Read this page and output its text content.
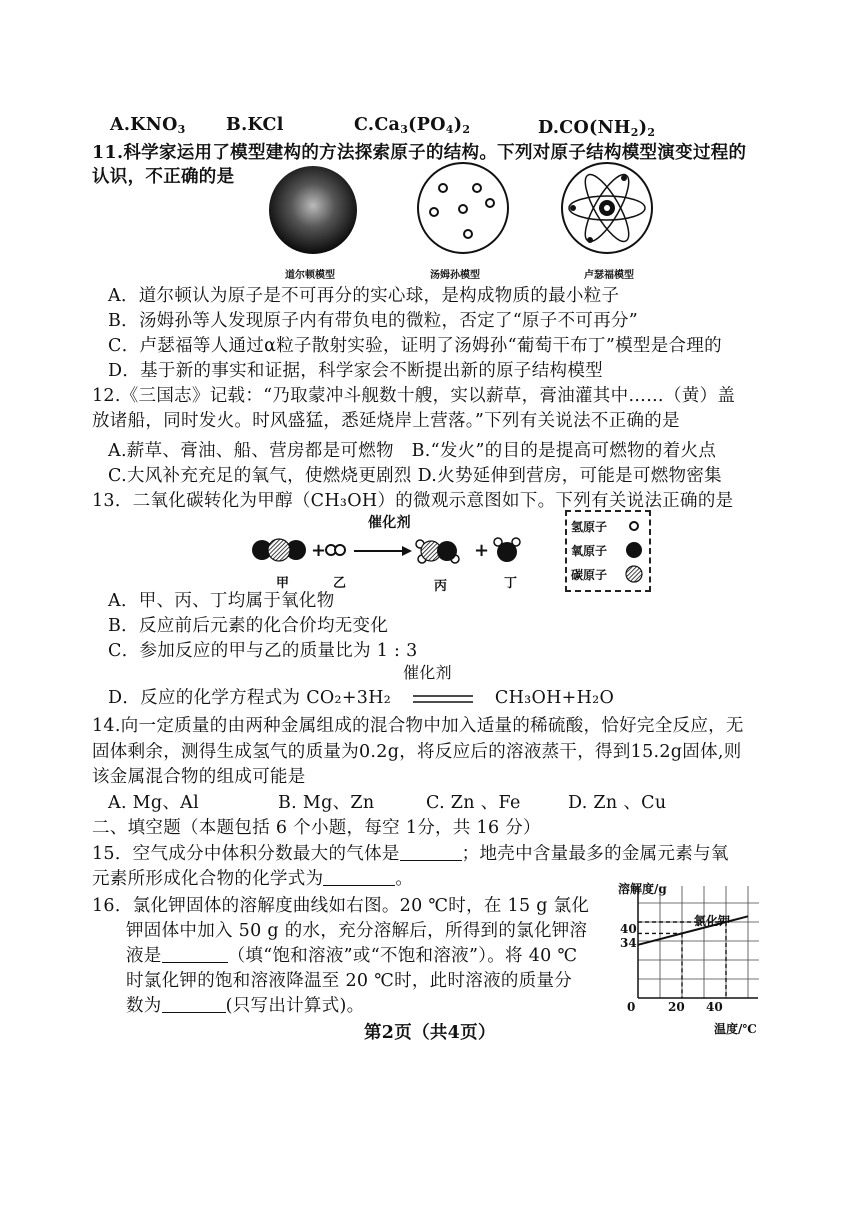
$A.KNO_3$ B.KCl	$C.Ca_3(PO_4)_2$	$D.CO(NH_2)_2$
11.科学家运用了模型建构的方法探索原子的结构。下列对原子结构模型演变过程的
认识，不正确的是
道尔顿模型	汤姆孙模型	卢瑟福模型
A．道尔顿认为原子是不可再分的实心球，是构成物质的最小粒子
B．汤姆孙等人发现原子内有带负电的微粒，否定了“原子不可再分”
C．卢瑟福等人通过α粒子散射实验，证明了汤姆孙“葡萄干布丁”模型是合理的
D．基于新的事实和证据，科学家会不断提出新的原子结构模型
12.《三国志》记载：“乃取蒙冲斗舰数十艘，实以薪草，膏油灌其中……（黄）盖
放诸船，同时发火。时风盛猛，悉延烧岸上营落。”下列有关说法不正确的是
A.薪草、膏油、船、营房都是可燃物　B.“发火”的目的是提高可燃物的着火点
C.大风补充充足的氧气，使燃烧更剧烈 D.火势延伸到营房，可能是可燃物密集
13．二氧化碳转化为甲醇（CH₃OH）的微观示意图如下。下列有关说法正确的是
+	+
催化剂
甲	乙	丙	丁
氢原子
氧原子
碳原子
A．甲、丙、丁均属于氧化物
B．反应前后元素的化合价均无变化
C．参加反应的甲与乙的质量比为 1 : 3
催化剂
D．反应的化学方程式为 CO₂+3H₂	CH₃OH+H₂O
14.向一定质量的由两种金属组成的混合物中加入适量的稀硫酸，恰好完全反应，无
固体剩余，测得生成氢气的质量为0.2g，将反应后的溶液蒸干，得到15.2g固体,则
该金属混合物的组成可能是
A. Mg、Al	B. Mg、Zn	C. Zn 、Fe	D. Zn 、Cu
二、填空题（本题包括 6 个小题，每空 1分，共 16 分）
15．空气成分中体积分数最大的气体是	；地壳中含量最多的金属元素与氧
元素所形成化合物的化学式为	。
16．氯化钾固体的溶解度曲线如右图。20 ℃时，在 15 g 氯化
钾固体中加入 50 g 的水，充分溶解后，所得到的氯化钾溶
液是	（填“饱和溶液”或“不饱和溶液”）。将 40 ℃
时氯化钾的饱和溶液降温至 20 ℃时，此时溶液的质量分
数为	(只写出计算式)。
溶解度/g
氯化钾
40
34
0	20 40
温度/℃
第2页（共4页）
